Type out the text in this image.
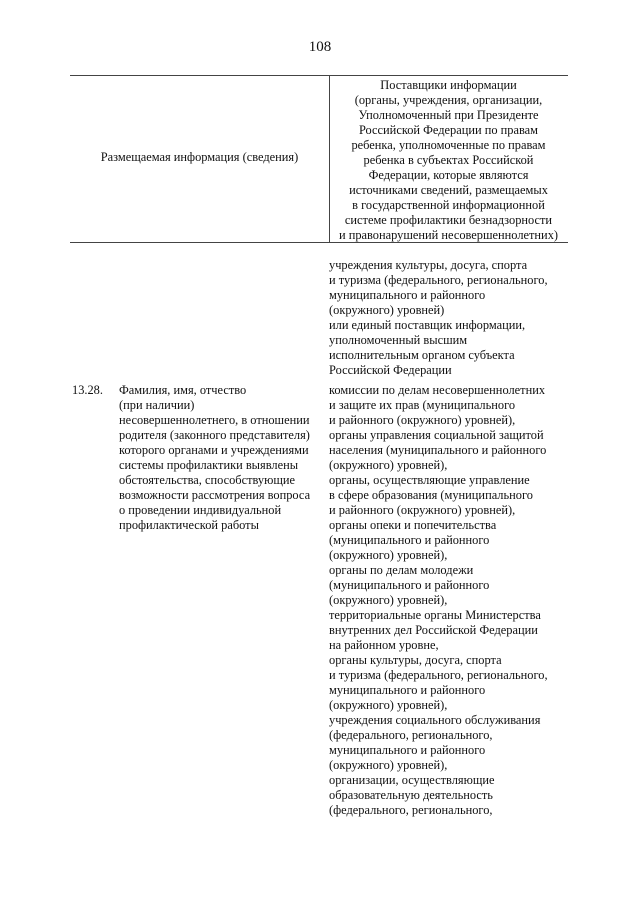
108
Размещаемая информация (сведения)
Поставщики информации
(органы, учреждения, организации,
Уполномоченный при Президенте
Российской Федерации по правам
ребенка, уполномоченные по правам
ребенка в субъектах Российской
Федерации, которые являются
источниками сведений, размещаемых
в государственной информационной
системе профилактики безнадзорности
и правонарушений несовершеннолетних)
учреждения культуры, досуга, спорта
и туризма (федерального, регионального,
муниципального и районного
(окружного) уровней)
или единый поставщик информации,
уполномоченный высшим
исполнительным органом субъекта
Российской Федерации
13.28. Фамилия, имя, отчество
(при наличии)
несовершеннолетнего, в отношении
родителя (законного представителя)
которого органами и учреждениями
системы профилактики выявлены
обстоятельства, способствующие
возможности рассмотрения вопроса
о проведении индивидуальной
профилактической работы
комиссии по делам несовершеннолетних
и защите их прав (муниципального
и районного (окружного) уровней),
органы управления социальной защитой
населения (муниципального и районного
(окружного) уровней),
органы, осуществляющие управление
в сфере образования (муниципального
и районного (окружного) уровней),
органы опеки и попечительства
(муниципального и районного
(окружного) уровней),
органы по делам молодежи
(муниципального и районного
(окружного) уровней),
территориальные органы Министерства
внутренних дел Российской Федерации
на районном уровне,
органы культуры, досуга, спорта
и туризма (федерального, регионального,
муниципального и районного
(окружного) уровней),
учреждения социального обслуживания
(федерального, регионального,
муниципального и районного
(окружного) уровней),
организации, осуществляющие
образовательную деятельность
(федерального, регионального,
